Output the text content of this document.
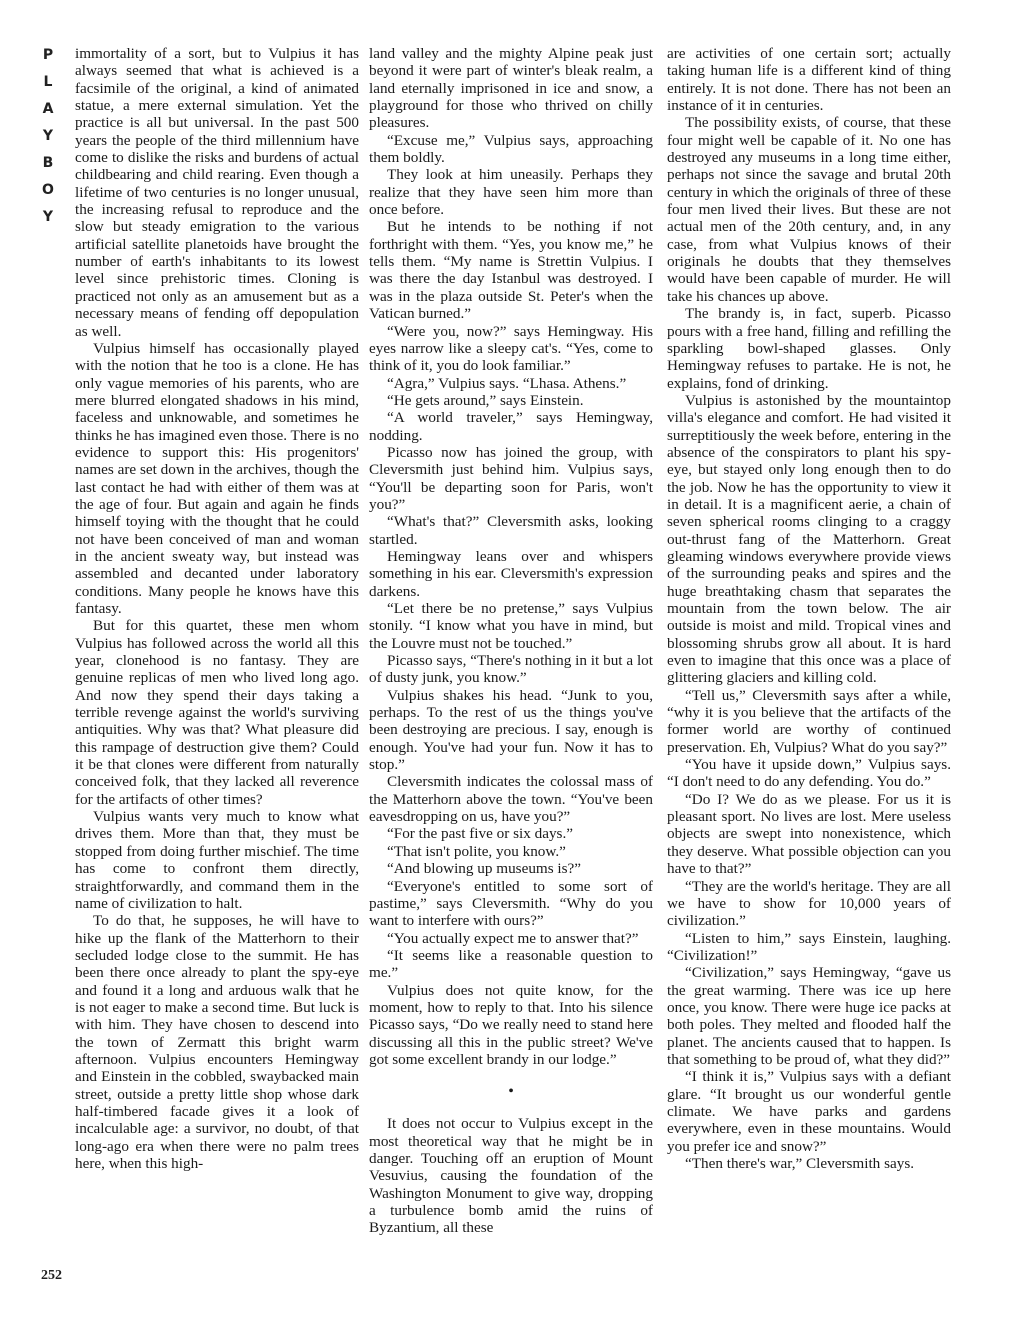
P
L
A
Y
B
O
Y

immortality of a sort, but to Vulpius it has always seemed that what is achieved is a facsimile of the original, a kind of animated statue, a mere external simulation. Yet the practice is all but universal. In the past 500 years the people of the third millennium have come to dislike the risks and burdens of actual childbearing and child rearing. Even though a lifetime of two centuries is no longer unusual, the increasing refusal to reproduce and the slow but steady emigration to the various artificial satellite planetoids have brought the number of earth's inhabitants to its lowest level since prehistoric times. Cloning is practiced not only as an amusement but as a necessary means of fending off depopulation as well.

Vulpius himself has occasionally played with the notion that he too is a clone. He has only vague memories of his parents, who are mere blurred elongated shadows in his mind, faceless and unknowable, and sometimes he thinks he has imagined even those. There is no evidence to support this: His progenitors' names are set down in the archives, though the last contact he had with either of them was at the age of four. But again and again he finds himself toying with the thought that he could not have been conceived of man and woman in the ancient sweaty way, but instead was assembled and decanted under laboratory conditions. Many people he knows have this fantasy.

But for this quartet, these men whom Vulpius has followed across the world all this year, clonehood is no fantasy. They are genuine replicas of men who lived long ago. And now they spend their days taking a terrible revenge against the world's surviving antiquities. Why was that? What pleasure did this rampage of destruction give them? Could it be that clones were different from naturally conceived folk, that they lacked all reverence for the artifacts of other times?

Vulpius wants very much to know what drives them. More than that, they must be stopped from doing further mischief. The time has come to confront them directly, straightforwardly, and command them in the name of civilization to halt.

To do that, he supposes, he will have to hike up the flank of the Matterhorn to their secluded lodge close to the summit. He has been there once already to plant the spy-eye and found it a long and arduous walk that he is not eager to make a second time. But luck is with him. They have chosen to descend into the town of Zermatt this bright warm afternoon. Vulpius encounters Hemingway and Einstein in the cobbled, swaybacked main street, outside a pretty little shop whose dark half-timbered facade gives it a look of incalculable age: a survivor, no doubt, of that long-ago era when there were no palm trees here, when this high-

land valley and the mighty Alpine peak just beyond it were part of winter's bleak realm, a land eternally imprisoned in ice and snow, a playground for those who thrived on chilly pleasures.

“Excuse me,” Vulpius says, approaching them boldly.

They look at him uneasily. Perhaps they realize that they have seen him more than once before.

But he intends to be nothing if not forthright with them. “Yes, you know me,” he tells them. “My name is Strettin Vulpius. I was there the day Istanbul was destroyed. I was in the plaza outside St. Peter's when the Vatican burned.”

“Were you, now?” says Hemingway. His eyes narrow like a sleepy cat's. “Yes, come to think of it, you do look familiar.”

“Agra,” Vulpius says. “Lhasa. Athens.”

“He gets around,” says Einstein.

“A world traveler,” says Hemingway, nodding.

Picasso now has joined the group, with Cleversmith just behind him. Vulpius says, “You'll be departing soon for Paris, won't you?”

“What's that?” Cleversmith asks, looking startled.

Hemingway leans over and whispers something in his ear. Cleversmith's expression darkens.

“Let there be no pretense,” says Vulpius stonily. “I know what you have in mind, but the Louvre must not be touched.”

Picasso says, “There's nothing in it but a lot of dusty junk, you know.”

Vulpius shakes his head. “Junk to you, perhaps. To the rest of us the things you've been destroying are precious. I say, enough is enough. You've had your fun. Now it has to stop.”

Cleversmith indicates the colossal mass of the Matterhorn above the town. “You've been eavesdropping on us, have you?”

“For the past five or six days.”

“That isn't polite, you know.”

“And blowing up museums is?”

“Everyone's entitled to some sort of pastime,” says Cleversmith. “Why do you want to interfere with ours?”

“You actually expect me to answer that?”

“It seems like a reasonable question to me.”

Vulpius does not quite know, for the moment, how to reply to that. Into his silence Picasso says, “Do we really need to stand here discussing all this in the public street? We've got some excellent brandy in our lodge.”

•

It does not occur to Vulpius except in the most theoretical way that he might be in danger. Touching off an eruption of Mount Vesuvius, causing the foundation of the Washington Monument to give way, dropping a turbulence bomb amid the ruins of Byzantium, all these

are activities of one certain sort; actually taking human life is a different kind of thing entirely. It is not done. There has not been an instance of it in centuries.

The possibility exists, of course, that these four might well be capable of it. No one has destroyed any museums in a long time either, perhaps not since the savage and brutal 20th century in which the originals of three of these four men lived their lives. But these are not actual men of the 20th century, and, in any case, from what Vulpius knows of their originals he doubts that they themselves would have been capable of murder. He will take his chances up above.

The brandy is, in fact, superb. Picasso pours with a free hand, filling and refilling the sparkling bowl-shaped glasses. Only Hemingway refuses to partake. He is not, he explains, fond of drinking.

Vulpius is astonished by the mountaintop villa's elegance and comfort. He had visited it surreptitiously the week before, entering in the absence of the conspirators to plant his spy-eye, but stayed only long enough then to do the job. Now he has the opportunity to view it in detail. It is a magnificent aerie, a chain of seven spherical rooms clinging to a craggy out-thrust fang of the Matterhorn. Great gleaming windows everywhere provide views of the surrounding peaks and spires and the huge breathtaking chasm that separates the mountain from the town below. The air outside is moist and mild. Tropical vines and blossoming shrubs grow all about. It is hard even to imagine that this once was a place of glittering glaciers and killing cold.

“Tell us,” Cleversmith says after a while, “why it is you believe that the artifacts of the former world are worthy of continued preservation. Eh, Vulpius? What do you say?”

“You have it upside down,” Vulpius says. “I don't need to do any defending. You do.”

“Do I? We do as we please. For us it is pleasant sport. No lives are lost. Mere useless objects are swept into nonexistence, which they deserve. What possible objection can you have to that?”

“They are the world's heritage. They are all we have to show for 10,000 years of civilization.”

“Listen to him,” says Einstein, laughing. “Civilization!”

“Civilization,” says Hemingway, “gave us the great warming. There was ice up here once, you know. There were huge ice packs at both poles. They melted and flooded half the planet. The ancients caused that to happen. Is that something to be proud of, what they did?”

“I think it is,” Vulpius says with a defiant glare. “It brought us our wonderful gentle climate. We have parks and gardens everywhere, even in these mountains. Would you prefer ice and snow?”

“Then there's war,” Cleversmith says.

252
